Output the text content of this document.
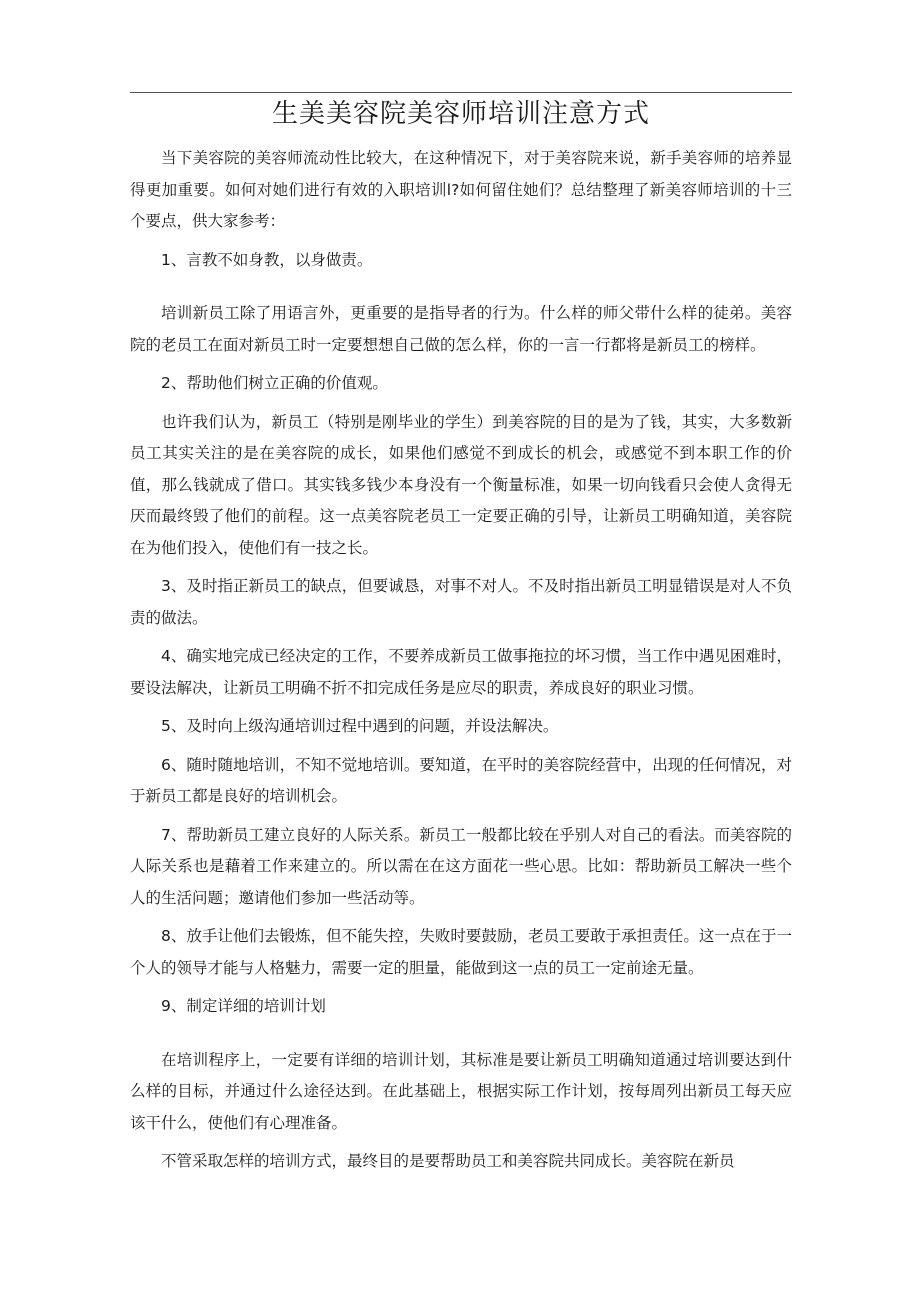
生美美容院美容师培训注意方式

当下美容院的美容师流动性比较大，在这种情况下，对于美容院来说，新手美容师的培养显得更加重要。如何对她们进行有效的入职培训l?如何留住她们？总结整理了新美容师培训的十三个要点，供大家参考：

1、言教不如身教，以身做责。

培训新员工除了用语言外，更重要的是指导者的行为。什么样的师父带什么样的徒弟。美容院的老员工在面对新员工时一定要想想自己做的怎么样，你的一言一行都将是新员工的榜样。

2、帮助他们树立正确的价值观。

也许我们认为，新员工（特别是刚毕业的学生）到美容院的目的是为了钱，其实，大多数新员工其实关注的是在美容院的成长，如果他们感觉不到成长的机会，或感觉不到本职工作的价值，那么钱就成了借口。其实钱多钱少本身没有一个衡量标准，如果一切向钱看只会使人贪得无厌而最终毁了他们的前程。这一点美容院老员工一定要正确的引导，让新员工明确知道，美容院在为他们投入，使他们有一技之长。

3、及时指正新员工的缺点，但要诚恳，对事不对人。不及时指出新员工明显错误是对人不负责的做法。

4、确实地完成已经决定的工作，不要养成新员工做事拖拉的坏习惯，当工作中遇见困难时，要设法解决，让新员工明确不折不扣完成任务是应尽的职责，养成良好的职业习惯。

5、及时向上级沟通培训过程中遇到的问题，并设法解决。

6、随时随地培训，不知不觉地培训。要知道，在平时的美容院经营中，出现的任何情况，对于新员工都是良好的培训机会。

7、帮助新员工建立良好的人际关系。新员工一般都比较在乎别人对自己的看法。而美容院的人际关系也是藉着工作来建立的。所以需在在这方面花一些心思。比如：帮助新员工解决一些个人的生活问题；邀请他们参加一些活动等。

8、放手让他们去锻炼，但不能失控，失败时要鼓励，老员工要敢于承担责任。这一点在于一个人的领导才能与人格魅力，需要一定的胆量，能做到这一点的员工一定前途无量。

9、制定详细的培训计划

在培训程序上，一定要有详细的培训计划，其标准是要让新员工明确知道通过培训要达到什么样的目标，并通过什么途径达到。在此基础上，根据实际工作计划，按每周列出新员工每天应该干什么，使他们有心理准备。

不管采取怎样的培训方式，最终目的是要帮助员工和美容院共同成长。美容院在新员
